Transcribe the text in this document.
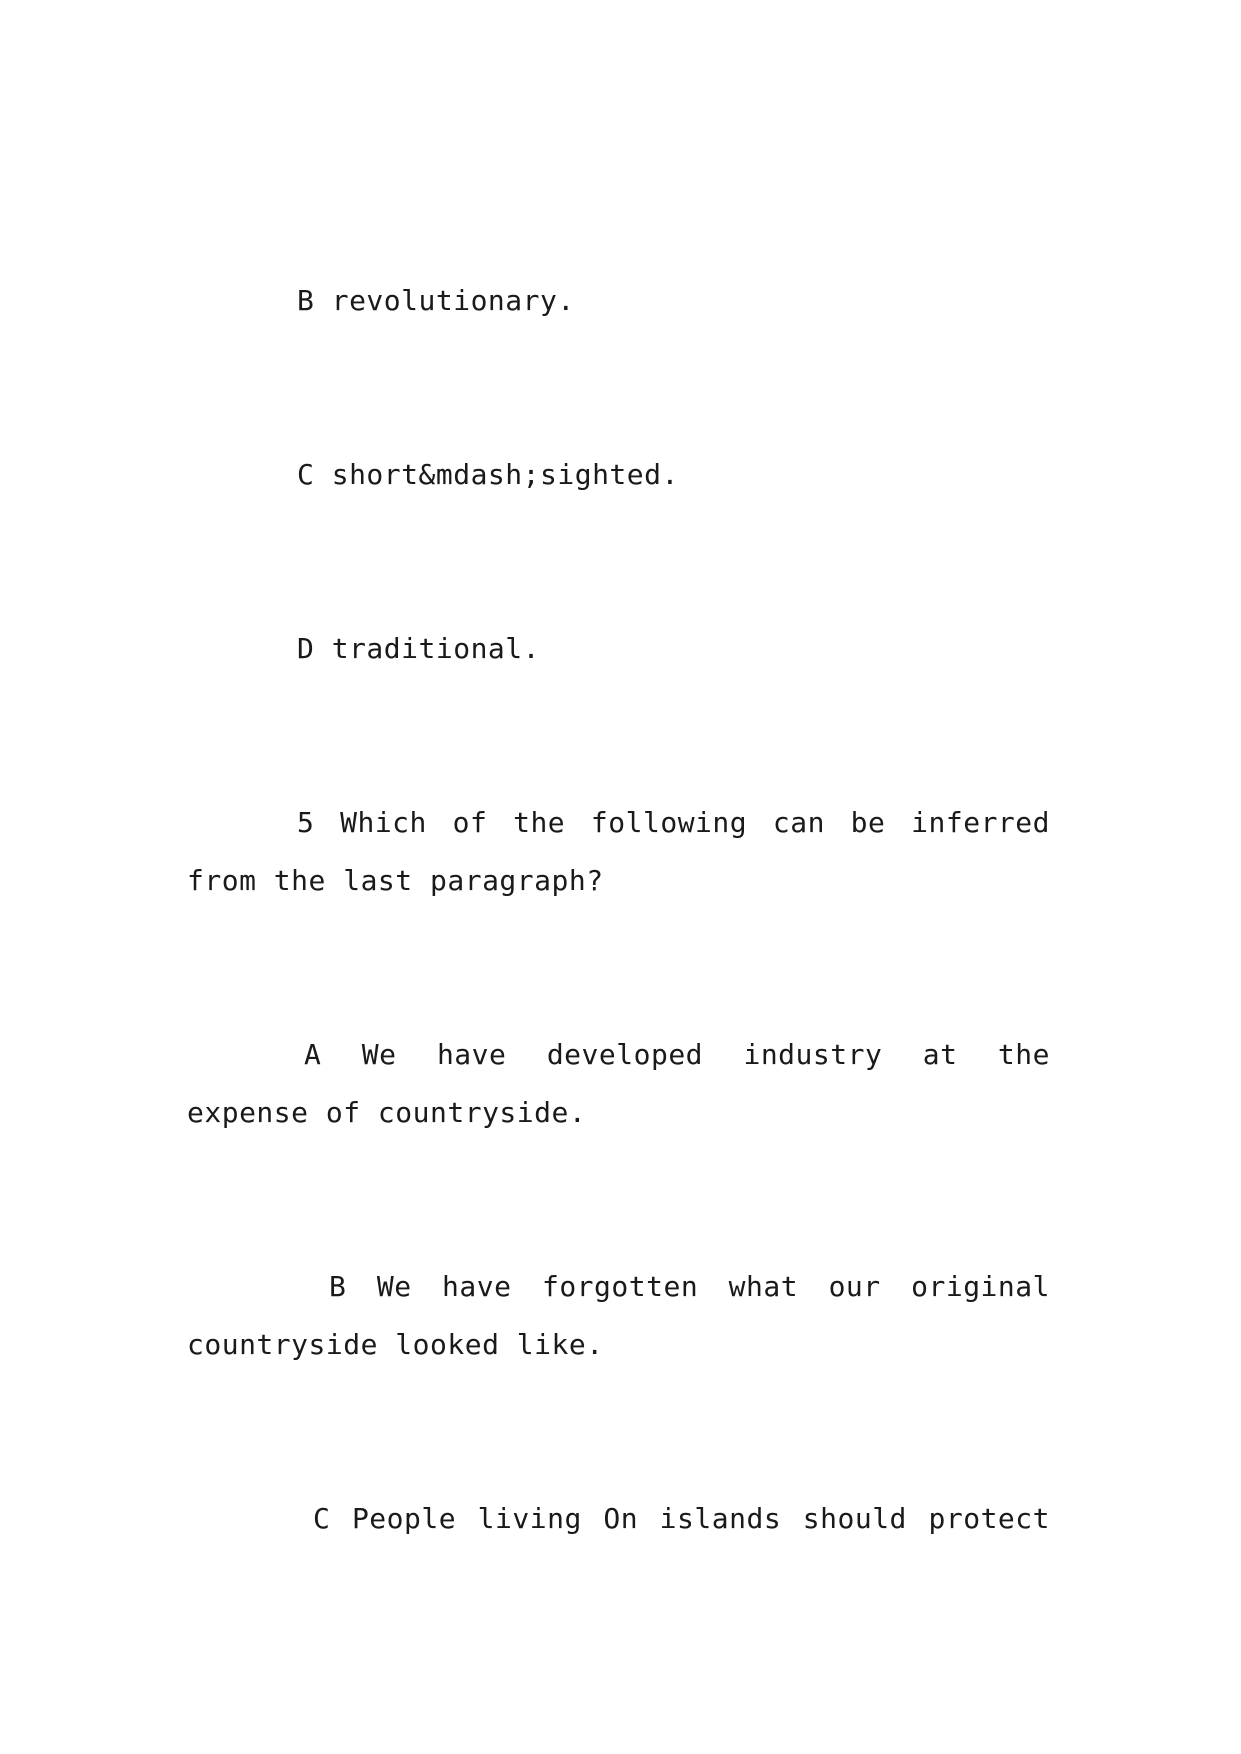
B revolutionary.

C short&mdash;sighted.

D traditional.

5 Which of the following can be inferred from the last paragraph?

A We have developed industry at the expense of countryside.

B We have forgotten what our original countryside looked like.

C People living On islands should protect
